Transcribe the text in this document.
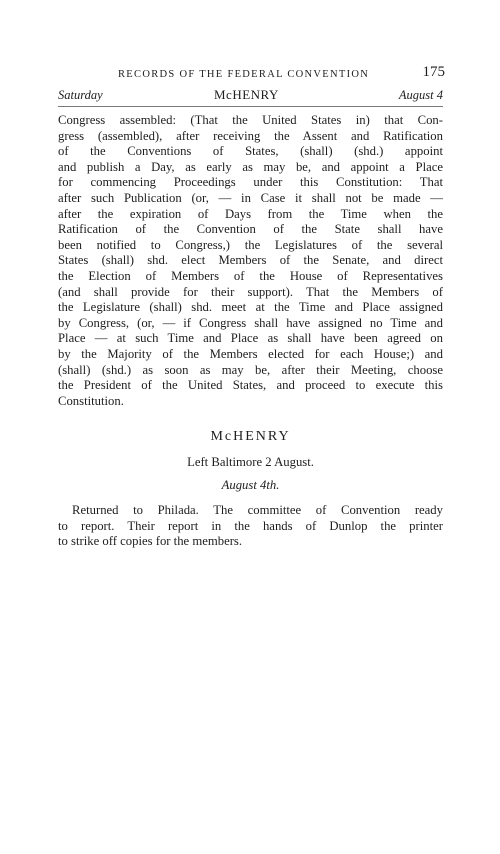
RECORDS OF THE FEDERAL CONVENTION	175
Saturday	McHENRY	August 4
Congress assembled: (That the United States in) that Con-
gress (assembled), after receiving the Assent and Ratification
of the Conventions of States, (shall) (shd.) appoint
and publish a Day, as early as may be, and appoint a Place
for commencing Proceedings under this Constitution: That
after such Publication (or, — in Case it shall not be made —
after the expiration of Days from the Time when the
Ratification of the Convention of the State shall have
been notified to Congress,) the Legislatures of the several
States (shall) shd. elect Members of the Senate, and direct
the Election of Members of the House of Representatives
(and shall provide for their support). That the Members of
the Legislature (shall) shd. meet at the Time and Place assigned
by Congress, (or, — if Congress shall have assigned no Time and
Place — at such Time and Place as shall have been agreed on
by the Majority of the Members elected for each House;) and
(shall) (shd.) as soon as may be, after their Meeting, choose
the President of the United States, and proceed to execute this
Constitution.
McHENRY
Left Baltimore 2 August.
August 4th.
Returned to Philada. The committee of Convention ready
to report. Their report in the hands of Dunlop the printer
to strike off copies for the members.
